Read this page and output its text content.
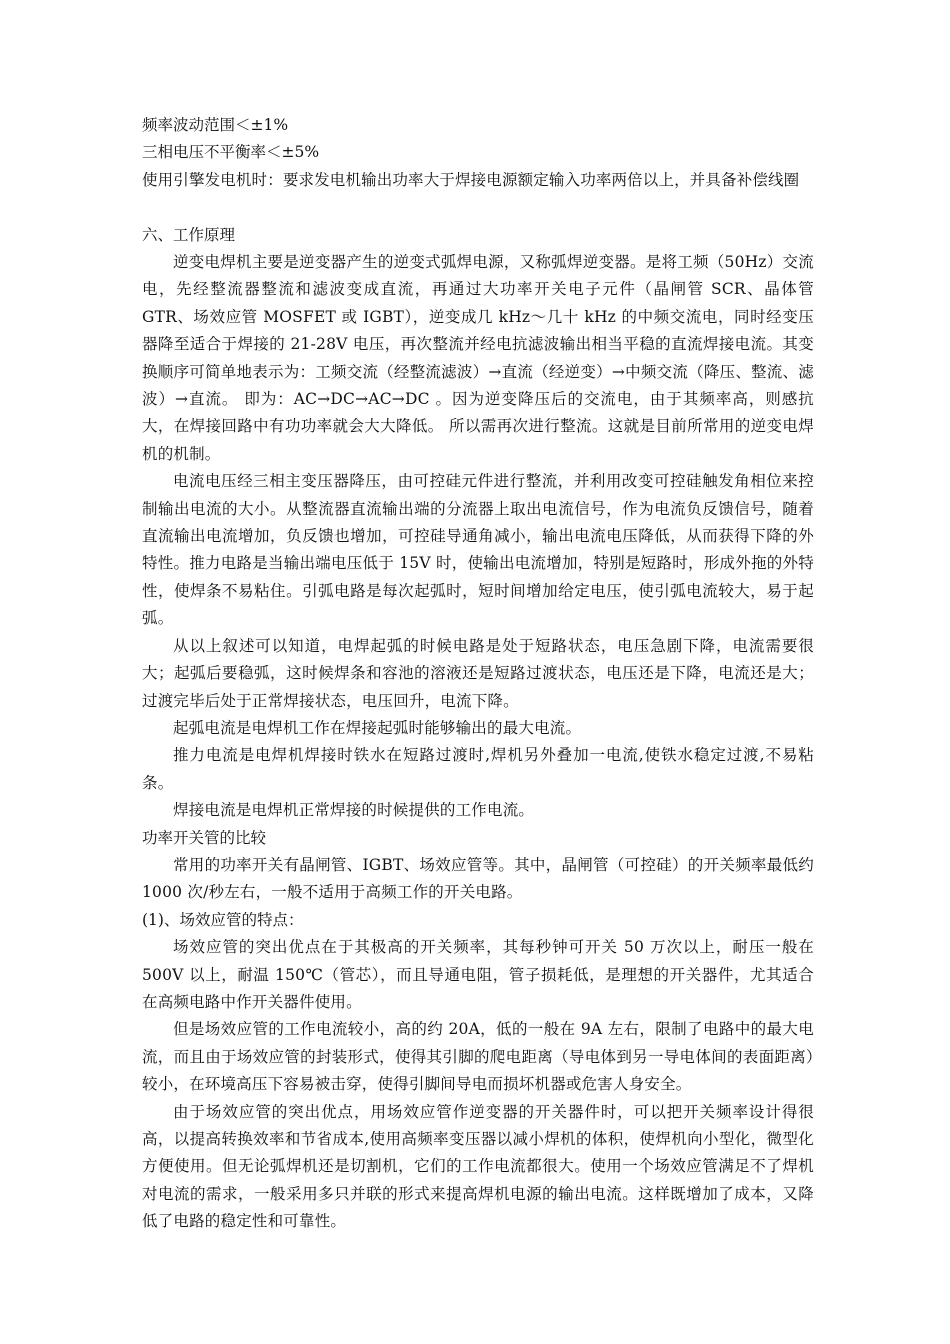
频率波动范围＜±1%

三相电压不平衡率＜±5%

使用引擎发电机时：要求发电机输出功率大于焊接电源额定输入功率两倍以上，并具备补偿线圈

六、工作原理

逆变电焊机主要是逆变器产生的逆变式弧焊电源，又称弧焊逆变器。是将工频（50Hz）交流电，先经整流器整流和滤波变成直流，再通过大功率开关电子元件（晶闸管 SCR、晶体管 GTR、场效应管 MOSFET 或 IGBT），逆变成几 kHz～几十 kHz 的中频交流电，同时经变压器降至适合于焊接的 21-28V 电压，再次整流并经电抗滤波输出相当平稳的直流焊接电流。其变换顺序可简单地表示为：工频交流（经整流滤波）→直流（经逆变）→中频交流（降压、整流、滤波）→直流。 即为：AC→DC→AC→DC 。因为逆变降压后的交流电，由于其频率高，则感抗大，在焊接回路中有功功率就会大大降低。 所以需再次进行整流。这就是目前所常用的逆变电焊机的机制。

电流电压经三相主变压器降压，由可控硅元件进行整流，并利用改变可控硅触发角相位来控制输出电流的大小。从整流器直流输出端的分流器上取出电流信号，作为电流负反馈信号，随着直流输出电流增加，负反馈也增加，可控硅导通角减小，输出电流电压降低，从而获得下降的外特性。推力电路是当输出端电压低于 15V 时，使输出电流增加，特别是短路时，形成外拖的外特性，使焊条不易粘住。引弧电路是每次起弧时，短时间增加给定电压，使引弧电流较大，易于起弧。

从以上叙述可以知道，电焊起弧的时候电路是处于短路状态，电压急剧下降，电流需要很大；起弧后要稳弧，这时候焊条和容池的溶液还是短路过渡状态，电压还是下降，电流还是大；过渡完毕后处于正常焊接状态，电压回升，电流下降。

起弧电流是电焊机工作在焊接起弧时能够输出的最大电流。

推力电流是电焊机焊接时铁水在短路过渡时,焊机另外叠加一电流,使铁水稳定过渡,不易粘条。

焊接电流是电焊机正常焊接的时候提供的工作电流。

功率开关管的比较

常用的功率开关有晶闸管、IGBT、场效应管等。其中，晶闸管（可控硅）的开关频率最低约 1000 次/秒左右，一般不适用于高频工作的开关电路。

(1)、场效应管的特点：

场效应管的突出优点在于其极高的开关频率，其每秒钟可开关 50 万次以上，耐压一般在 500V 以上，耐温 150℃（管芯），而且导通电阻，管子损耗低，是理想的开关器件，尤其适合在高频电路中作开关器件使用。

但是场效应管的工作电流较小，高的约 20A，低的一般在 9A 左右，限制了电路中的最大电流，而且由于场效应管的封装形式，使得其引脚的爬电距离（导电体到另一导电体间的表面距离）较小，在环境高压下容易被击穿，使得引脚间导电而损坏机器或危害人身安全。

由于场效应管的突出优点，用场效应管作逆变器的开关器件时，可以把开关频率设计得很高，以提高转换效率和节省成本,使用高频率变压器以减小焊机的体积，使焊机向小型化，微型化方便使用。但无论弧焊机还是切割机，它们的工作电流都很大。使用一个场效应管满足不了焊机对电流的需求，一般采用多只并联的形式来提高焊机电源的输出电流。这样既增加了成本，又降低了电路的稳定性和可靠性。
